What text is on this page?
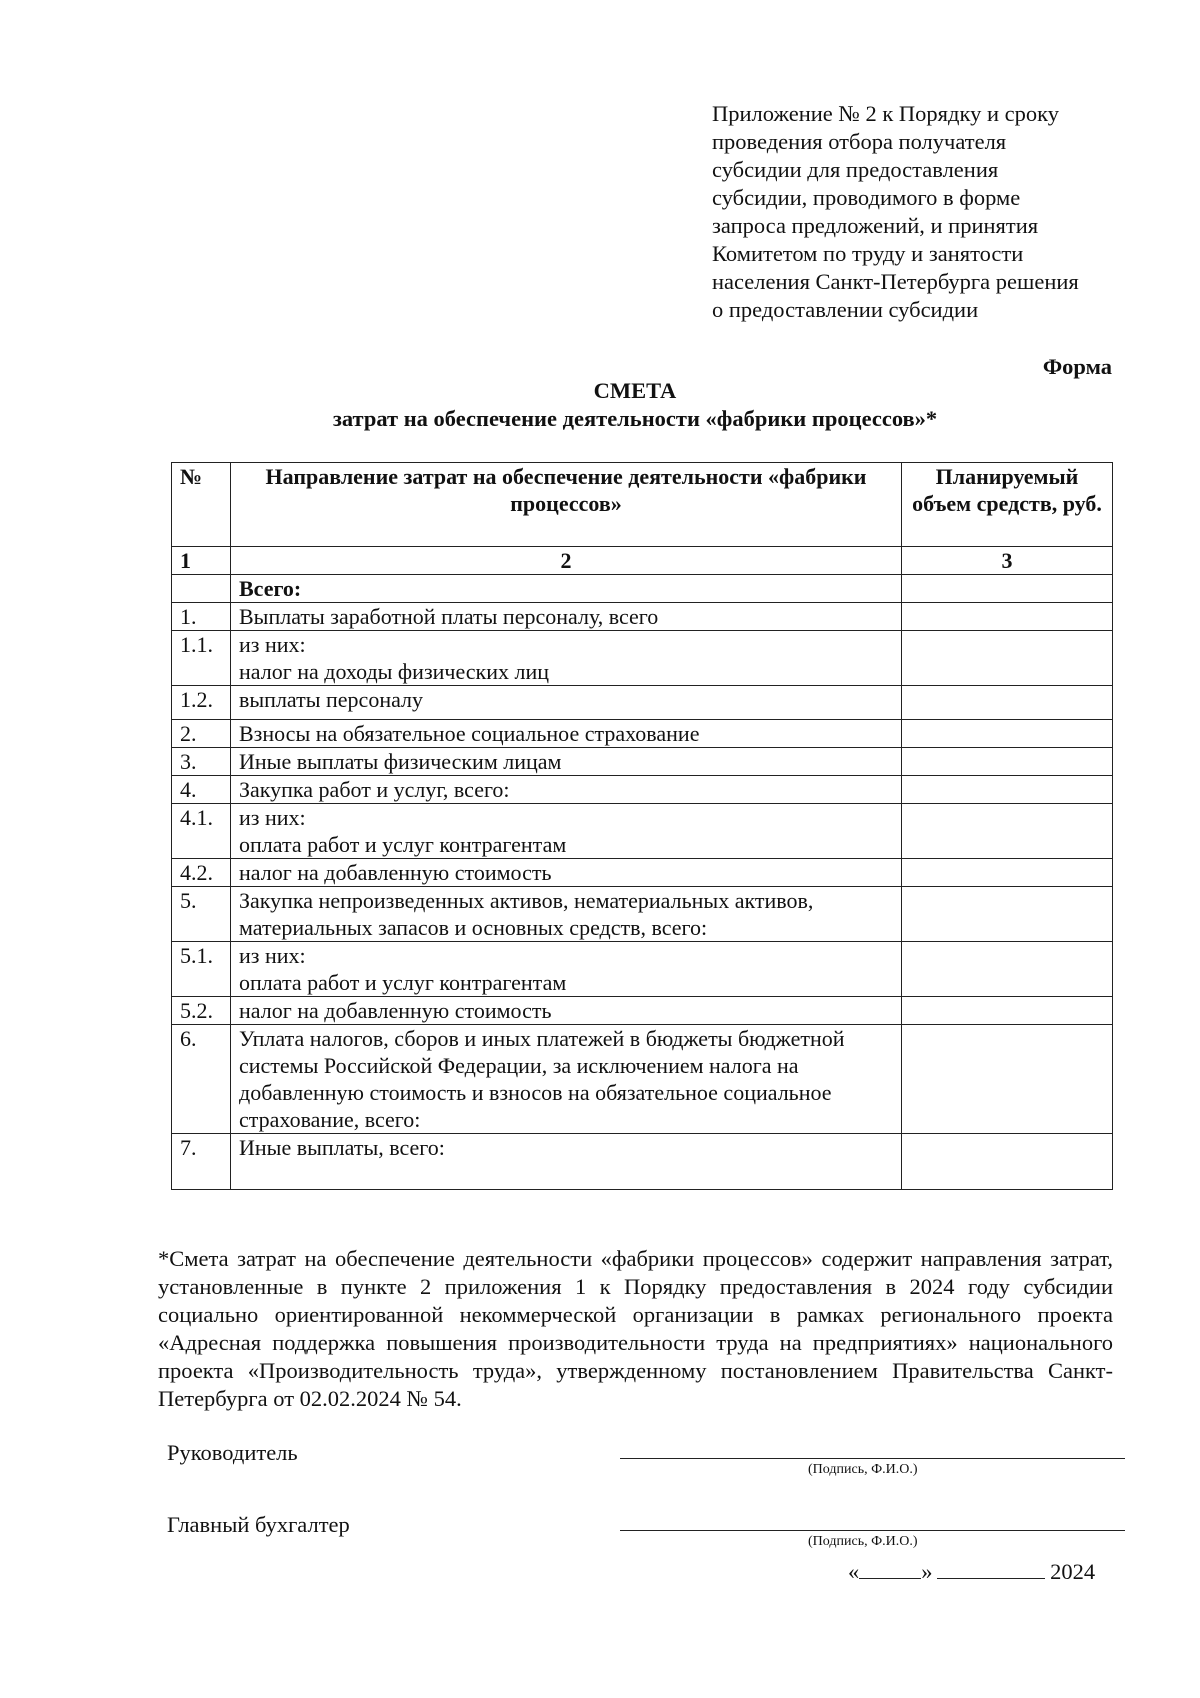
Приложение № 2 к Порядку и сроку
проведения отбора получателя
субсидии для предоставления
субсидии, проводимого в форме
запроса предложений, и принятия
Комитетом по труду и занятости
населения Санкт-Петербурга решения
о предоставлении субсидии
Форма
СМЕТА
затрат на обеспечение деятельности «фабрики процессов»*
№	Направление затрат на обеспечение деятельности «фабрики процессов»	Планируемый объем средств, руб.
1	2	3
	Всего:	
1.	Выплаты заработной платы персоналу, всего	
1.1.	из них:
налог на доходы физических лиц	

1.2.	выплаты персоналу	
2.	Взносы на обязательное социальное страхование	
3.	Иные выплаты физическим лицам	
4.	Закупка работ и услуг, всего:	
4.1.	из них:
оплата работ и услуг контрагентам	

4.2.	налог на добавленную стоимость	
5.	Закупка непроизведенных активов, нематериальных активов, материальных запасов и основных средств, всего:	
5.1.	из них:
оплата работ и услуг контрагентам	

5.2.	налог на добавленную стоимость	
6.	Уплата налогов, сборов и иных платежей в бюджеты бюджетной системы Российской Федерации, за исключением налога на добавленную стоимость и взносов на обязательное социальное страхование, всего:	
7.	Иные выплаты, всего:	
*Смета затрат на обеспечение деятельности «фабрики процессов» содержит направления затрат, установленные в пункте 2 приложения 1 к Порядку предоставления в 2024 году субсидии социально ориентированной некоммерческой организации в рамках регионального проекта «Адресная поддержка повышения производительности труда на предприятиях» национального проекта «Производительность труда», утвержденному постановлением Правительства Санкт-Петербурга от 02.02.2024 № 54.
Руководитель
(Подпись, Ф.И.О.)
Главный бухгалтер
(Подпись, Ф.И.О.)
«	»	2024
